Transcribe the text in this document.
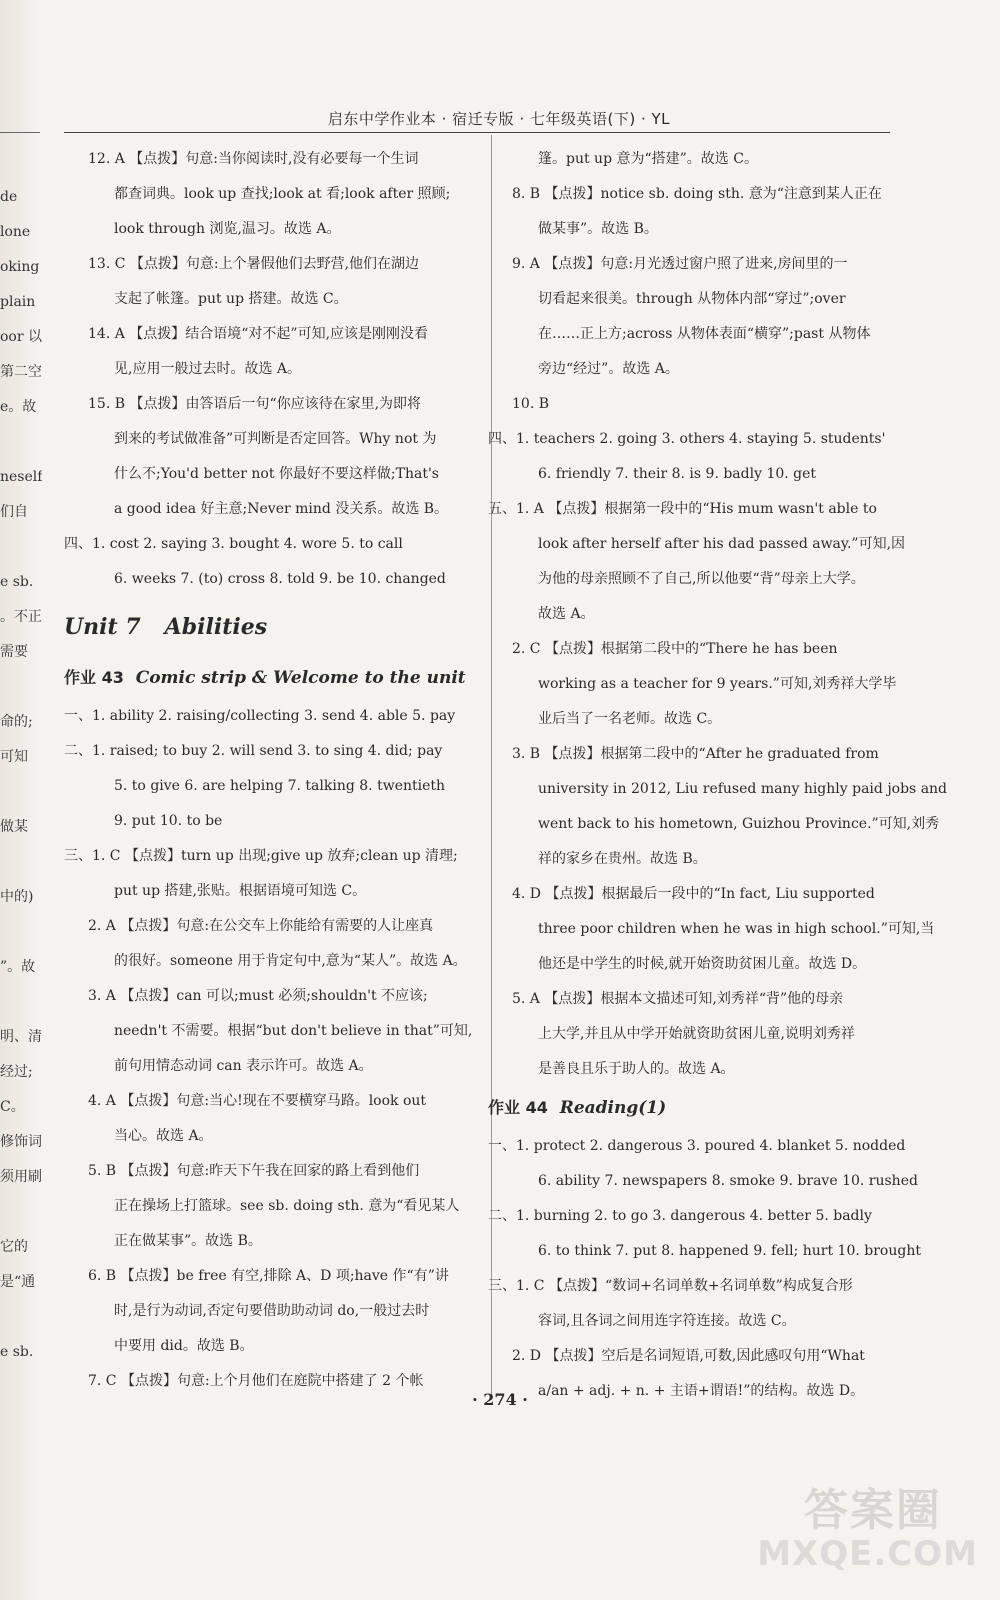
de
lone
oking
plain
oor 以
第二空
e。故
neself
们自
e sb.
。不正
需要
命的;
可知
做某
中的)
”。故
明、清
经过;
C。
修饰词
须用刷
它的
是“通
e sb.
启东中学作业本 · 宿迁专版 · 七年级英语(下) · YL
12. A 【点拨】句意:当你阅读时,没有必要每一个生词
都查词典。look up 查找;look at 看;look after 照顾;
look through 浏览,温习。故选 A。
13. C 【点拨】句意:上个暑假他们去野营,他们在湖边
支起了帐篷。put up 搭建。故选 C。
14. A 【点拨】结合语境“对不起”可知,应该是刚刚没看
见,应用一般过去时。故选 A。
15. B 【点拨】由答语后一句“你应该待在家里,为即将
到来的考试做准备”可判断是否定回答。Why not 为
什么不;You'd better not 你最好不要这样做;That's
a good idea 好主意;Never mind 没关系。故选 B。
四、1. cost 2. saying 3. bought 4. wore 5. to call
6. weeks 7. (to) cross 8. told 9. be 10. changed
Unit 7 Abilities
作业 43 Comic strip & Welcome to the unit
一、1. ability 2. raising/collecting 3. send 4. able 5. pay
二、1. raised; to buy 2. will send 3. to sing 4. did; pay
5. to give 6. are helping 7. talking 8. twentieth
9. put 10. to be
三、1. C 【点拨】turn up 出现;give up 放弃;clean up 清理;
put up 搭建,张贴。根据语境可知选 C。
2. A 【点拨】句意:在公交车上你能给有需要的人让座真
的很好。someone 用于肯定句中,意为“某人”。故选 A。
3. A 【点拨】can 可以;must 必须;shouldn't 不应该;
needn't 不需要。根据“but don't believe in that”可知,
前句用情态动词 can 表示许可。故选 A。
4. A 【点拨】句意:当心!现在不要横穿马路。look out
当心。故选 A。
5. B 【点拨】句意:昨天下午我在回家的路上看到他们
正在操场上打篮球。see sb. doing sth. 意为“看见某人
正在做某事”。故选 B。
6. B 【点拨】be free 有空,排除 A、D 项;have 作“有”讲
时,是行为动词,否定句要借助助动词 do,一般过去时
中要用 did。故选 B。
7. C 【点拨】句意:上个月他们在庭院中搭建了 2 个帐
篷。put up 意为“搭建”。故选 C。
8. B 【点拨】notice sb. doing sth. 意为“注意到某人正在
做某事”。故选 B。
9. A 【点拨】句意:月光透过窗户照了进来,房间里的一
切看起来很美。through 从物体内部“穿过”;over
在……正上方;across 从物体表面“横穿”;past 从物体
旁边“经过”。故选 A。
10. B
四、1. teachers 2. going 3. others 4. staying 5. students'
6. friendly 7. their 8. is 9. badly 10. get
五、1. A 【点拨】根据第一段中的“His mum wasn't able to
look after herself after his dad passed away.”可知,因
为他的母亲照顾不了自己,所以他要“背”母亲上大学。
故选 A。
2. C 【点拨】根据第二段中的“There he has been
working as a teacher for 9 years.”可知,刘秀祥大学毕
业后当了一名老师。故选 C。
3. B 【点拨】根据第二段中的“After he graduated from
university in 2012, Liu refused many highly paid jobs and
went back to his hometown, Guizhou Province.”可知,刘秀
祥的家乡在贵州。故选 B。
4. D 【点拨】根据最后一段中的“In fact, Liu supported
three poor children when he was in high school.”可知,当
他还是中学生的时候,就开始资助贫困儿童。故选 D。
5. A 【点拨】根据本文描述可知,刘秀祥“背”他的母亲
上大学,并且从中学开始就资助贫困儿童,说明刘秀祥
是善良且乐于助人的。故选 A。
作业 44 Reading(1)
一、1. protect 2. dangerous 3. poured 4. blanket 5. nodded
6. ability 7. newspapers 8. smoke 9. brave 10. rushed
二、1. burning 2. to go 3. dangerous 4. better 5. badly
6. to think 7. put 8. happened 9. fell; hurt 10. brought
三、1. C 【点拨】“数词+名词单数+名词单数”构成复合形
容词,且各词之间用连字符连接。故选 C。
2. D 【点拨】空后是名词短语,可数,因此感叹句用“What
a/an + adj. + n. + 主语+谓语!”的结构。故选 D。
· 274 ·
答案圈
MXQE.COM
